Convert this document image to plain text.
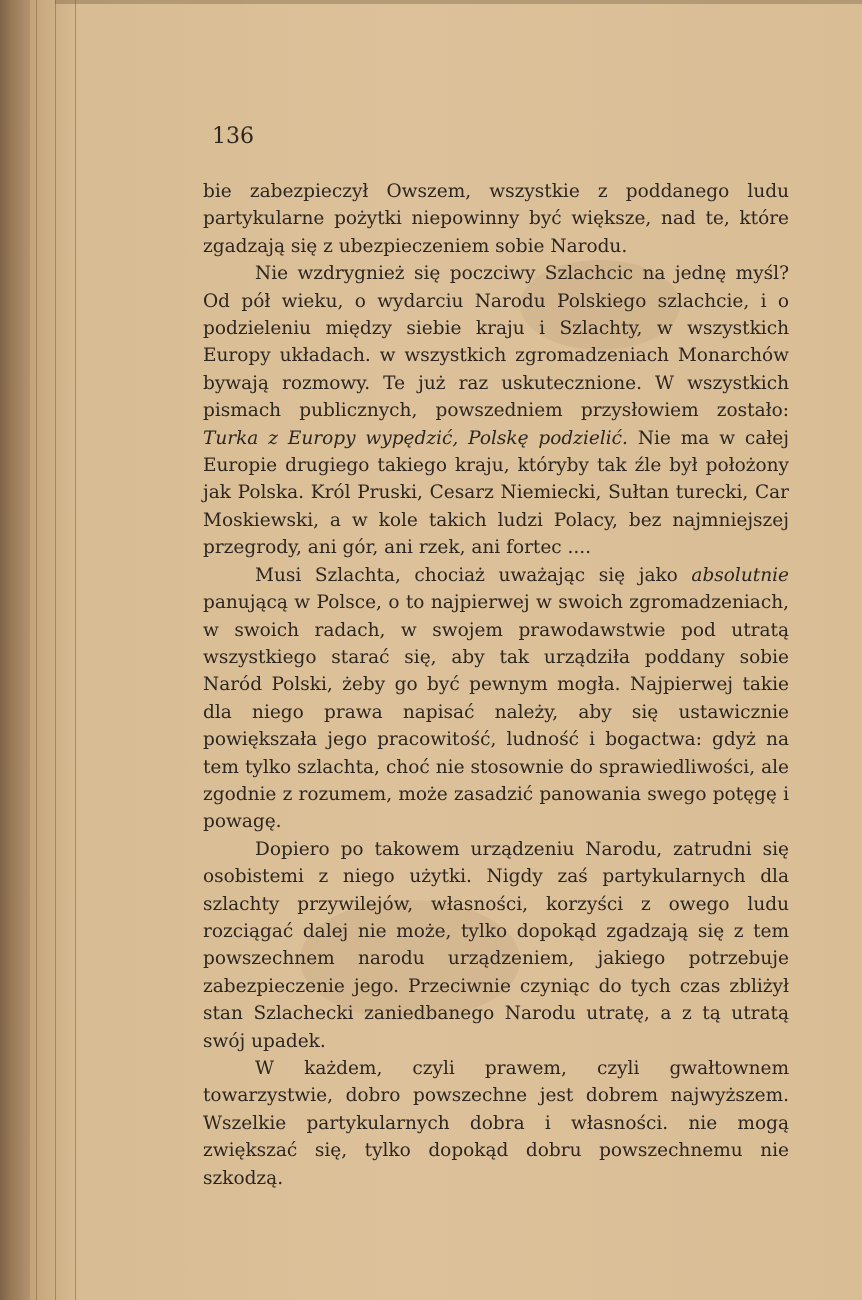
136

bie zabezpieczył Owszem, wszystkie z poddanego ludu partykularne pożytki niepowinny być większe, nad te, które zgadzają się z ubezpieczeniem sobie Narodu.

Nie wzdrygnież się poczciwy Szlachcic na jednę myśl? Od pół wieku, o wydarciu Narodu Polskiego szlachcie, i o podzieleniu między siebie kraju i Szlachty, w wszystkich Europy układach. w wszystkich zgromadzeniach Monarchów bywają rozmowy. Te już raz uskutecznione. W wszystkich pismach publicznych, powszedniem przysłowiem zostało: Turka z Europy wypędzić, Polskę podzielić. Nie ma w całej Europie drugiego takiego kraju, któryby tak źle był położony jak Polska. Król Pruski, Cesarz Niemiecki, Sułtan turecki, Car Moskiewski, a w kole takich ludzi Polacy, bez najmniejszej przegrody, ani gór, ani rzek, ani fortec ....

Musi Szlachta, chociaż uważając się jako absolutnie panującą w Polsce, o to najpierwej w swoich zgromadzeniach, w swoich radach, w swojem prawodawstwie pod utratą wszystkiego starać się, aby tak urządziła poddany sobie Naród Polski, żeby go być pewnym mogła. Najpierwej takie dla niego prawa napisać należy, aby się ustawicznie powiększała jego pracowitość, ludność i bogactwa: gdyż na tem tylko szlachta, choć nie stosownie do sprawiedliwości, ale zgodnie z rozumem, może zasadzić panowania swego potęgę i powagę.

Dopiero po takowem urządzeniu Narodu, zatrudni się osobistemi z niego użytki. Nigdy zaś partykularnych dla szlachty przywilejów, własności, korzyści z owego ludu rozciągać dalej nie może, tylko dopokąd zgadzają się z tem powszechnem narodu urządzeniem, jakiego potrzebuje zabezpieczenie jego. Przeciwnie czyniąc do tych czas zbliżył stan Szlachecki zaniedbanego Narodu utratę, a z tą utratą swój upadek.

W każdem, czyli prawem, czyli gwałtownem towarzystwie, dobro powszechne jest dobrem najwyższem. Wszelkie partykularnych dobra i własności. nie mogą zwiększać się, tylko dopokąd dobru powszechnemu nie szkodzą.
